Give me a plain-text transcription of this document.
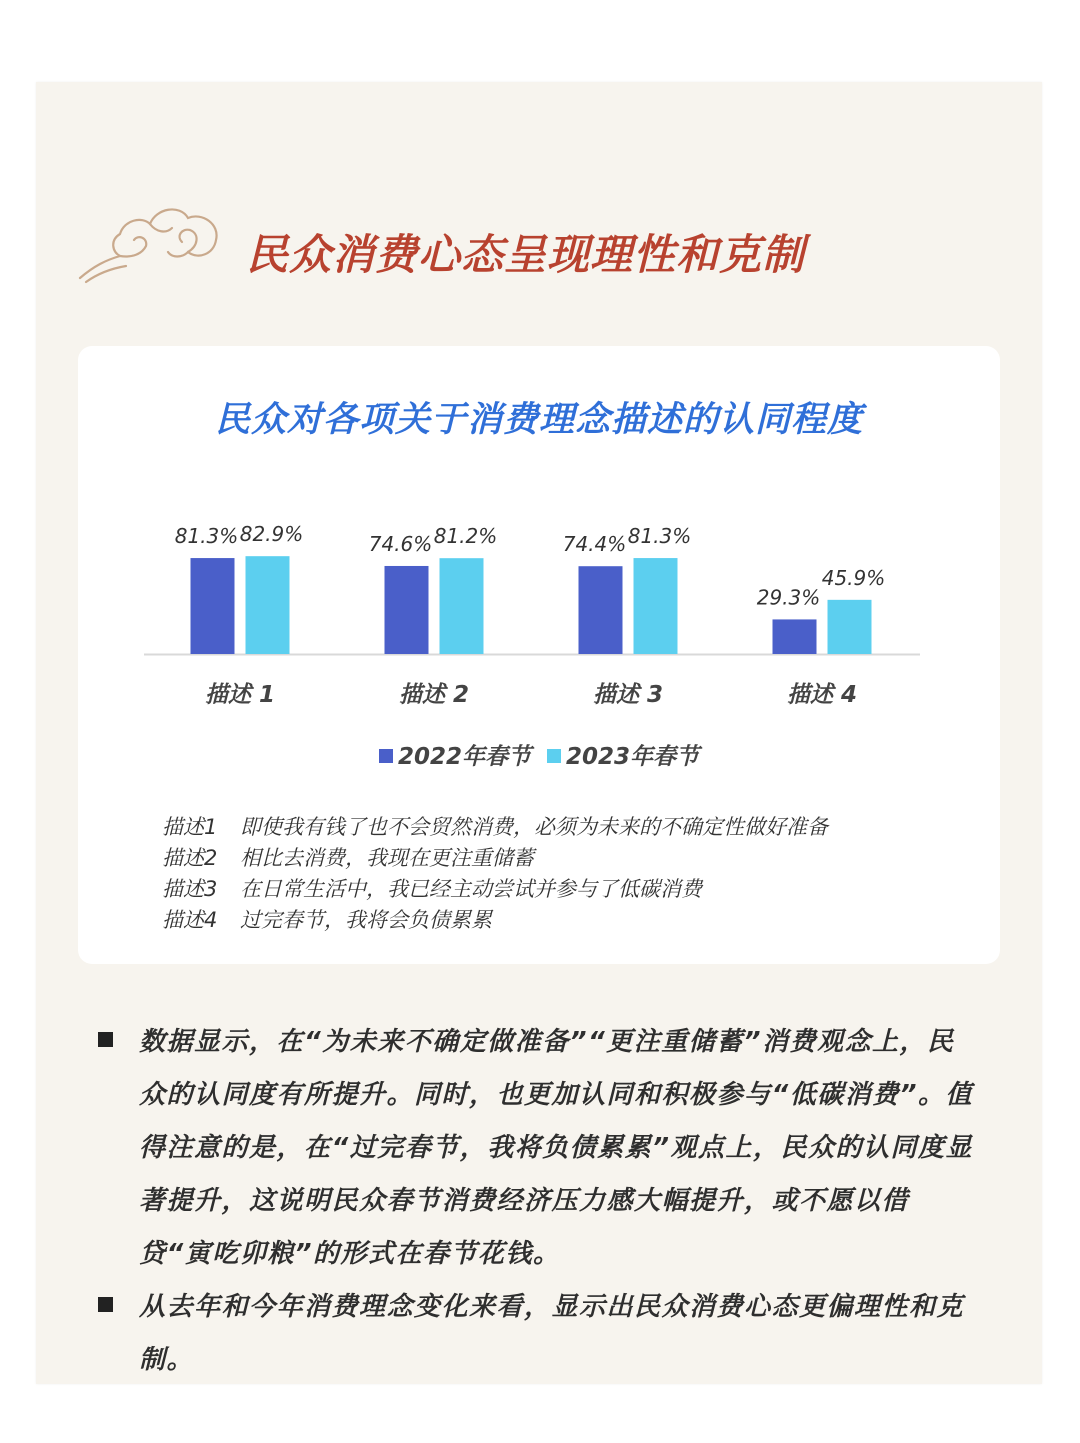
民众消费心态呈现理性和克制
民众对各项关于消费理念描述的认同程度
81.3% 82.9%
描述 1
74.6% 81.2%
描述 2
74.4% 81.3%
描述 3
29.3%
45.9%
描述 4
2022年春节 2023年春节
描述1 即使我有钱了也不会贸然消费，必须为未来的不确定性做好准备
描述2 相比去消费，我现在更注重储蓄
描述3 在日常生活中，我已经主动尝试并参与了低碳消费
描述4 过完春节，我将会负债累累
数据显示，在“为未来不确定做准备”“更注重储蓄”消费观念上，民众的认同度有所提升。同时，也更加认同和积极参与“低碳消费”。值得注意的是，在“过完春节，我将负债累累”观点上，民众的认同度显著提升，这说明民众春节消费经济压力感大幅提升，或不愿以借贷“寅吃卯粮”的形式在春节花钱。
从去年和今年消费理念变化来看，显示出民众消费心态更偏理性和克制。
